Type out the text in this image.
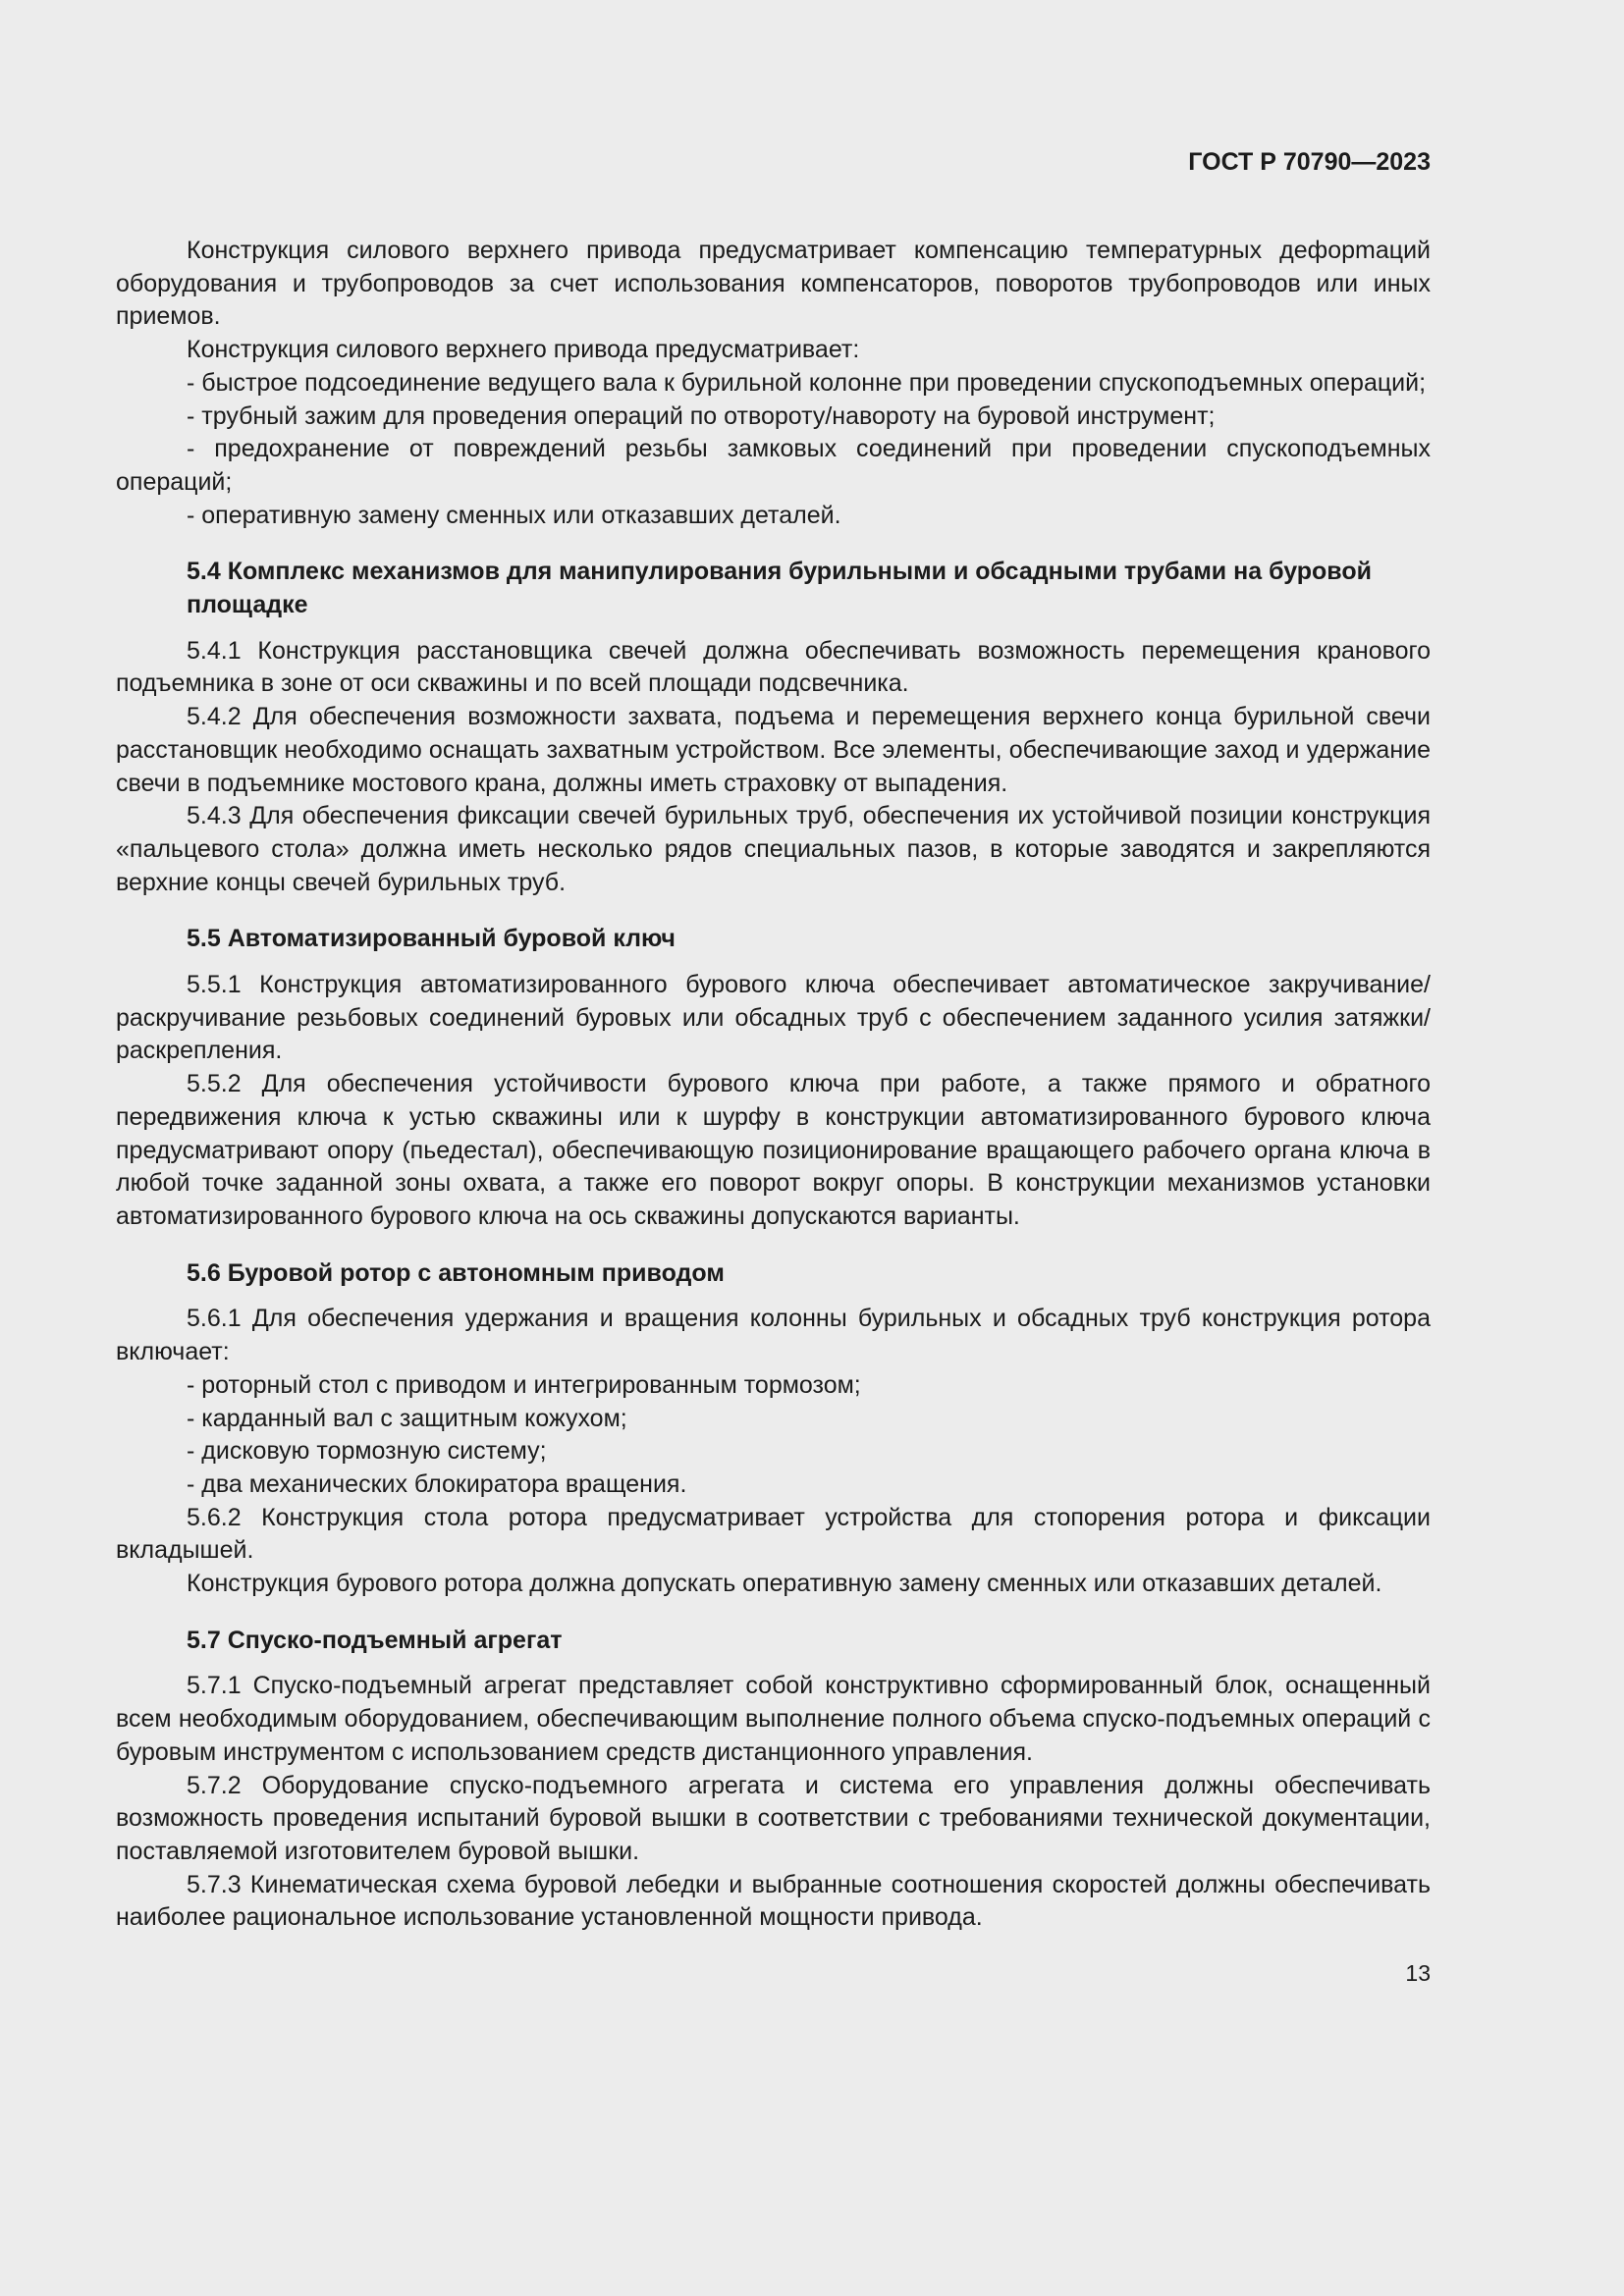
ГОСТ Р 70790—2023

Конструкция силового верхнего привода предусматривает компенсацию температурных дефорmаций оборудования и трубопроводов за счет использования компенсаторов, поворотов трубопроводов или иных приемов.

Конструкция силового верхнего привода предусматривает:

- быстрое подсоединение ведущего вала к бурильной колонне при проведении спускоподъемных операций;

- трубный зажим для проведения операций по отвороту/навороту на буровой инструмент;

- предохранение от повреждений резьбы замковых соединений при проведении спускоподъемных операций;

- оперативную замену сменных или отказавших деталей.

5.4 Комплекс механизмов для манипулирования бурильными и обсадными трубами на буровой площадке

5.4.1 Конструкция расстановщика свечей должна обеспечивать возможность перемещения кранового подъемника в зоне от оси скважины и по всей площади подсвечника.

5.4.2 Для обеспечения возможности захвата, подъема и перемещения верхнего конца бурильной свечи расстановщик необходимо оснащать захватным устройством. Все элементы, обеспечивающие заход и удержание свечи в подъемнике мостового крана, должны иметь страховку от выпадения.

5.4.3 Для обеспечения фиксации свечей бурильных труб, обеспечения их устойчивой позиции конструкция «пальцевого стола» должна иметь несколько рядов специальных пазов, в которые заводятся и закрепляются верхние концы свечей бурильных труб.

5.5 Автоматизированный буровой ключ

5.5.1 Конструкция автоматизированного бурового ключа обеспечивает автоматическое закручивание/раскручивание резьбовых соединений буровых или обсадных труб с обеспечением заданного усилия затяжки/раскрепления.

5.5.2 Для обеспечения устойчивости бурового ключа при работе, а также прямого и обратного передвижения ключа к устью скважины или к шурфу в конструкции автоматизированного бурового ключа предусматривают опору (пьедестал), обеспечивающую позиционирование вращающего рабочего органа ключа в любой точке заданной зоны охвата, а также его поворот вокруг опоры. В конструкции механизмов установки автоматизированного бурового ключа на ось скважины допускаются варианты.

5.6 Буровой ротор с автономным приводом

5.6.1 Для обеспечения удержания и вращения колонны бурильных и обсадных труб конструкция ротора включает:

- роторный стол с приводом и интегрированным тормозом;

- карданный вал с защитным кожухом;

- дисковую тормозную систему;

- два механических блокиратора вращения.

5.6.2 Конструкция стола ротора предусматривает устройства для стопорения ротора и фиксации вкладышей.

Конструкция бурового ротора должна допускать оперативную замену сменных или отказавших деталей.

5.7 Спуско-подъемный агрегат

5.7.1 Спуско-подъемный агрегат представляет собой конструктивно сформированный блок, оснащенный всем необходимым оборудованием, обеспечивающим выполнение полного объема спуско-подъемных операций с буровым инструментом с использованием средств дистанционного управления.

5.7.2 Оборудование спуско-подъемного агрегата и система его управления должны обеспечивать возможность проведения испытаний буровой вышки в соответствии с требованиями технической документации, поставляемой изготовителем буровой вышки.

5.7.3 Кинематическая схема буровой лебедки и выбранные соотношения скоростей должны обеспечивать наиболее рациональное использование установленной мощности привода.

13
